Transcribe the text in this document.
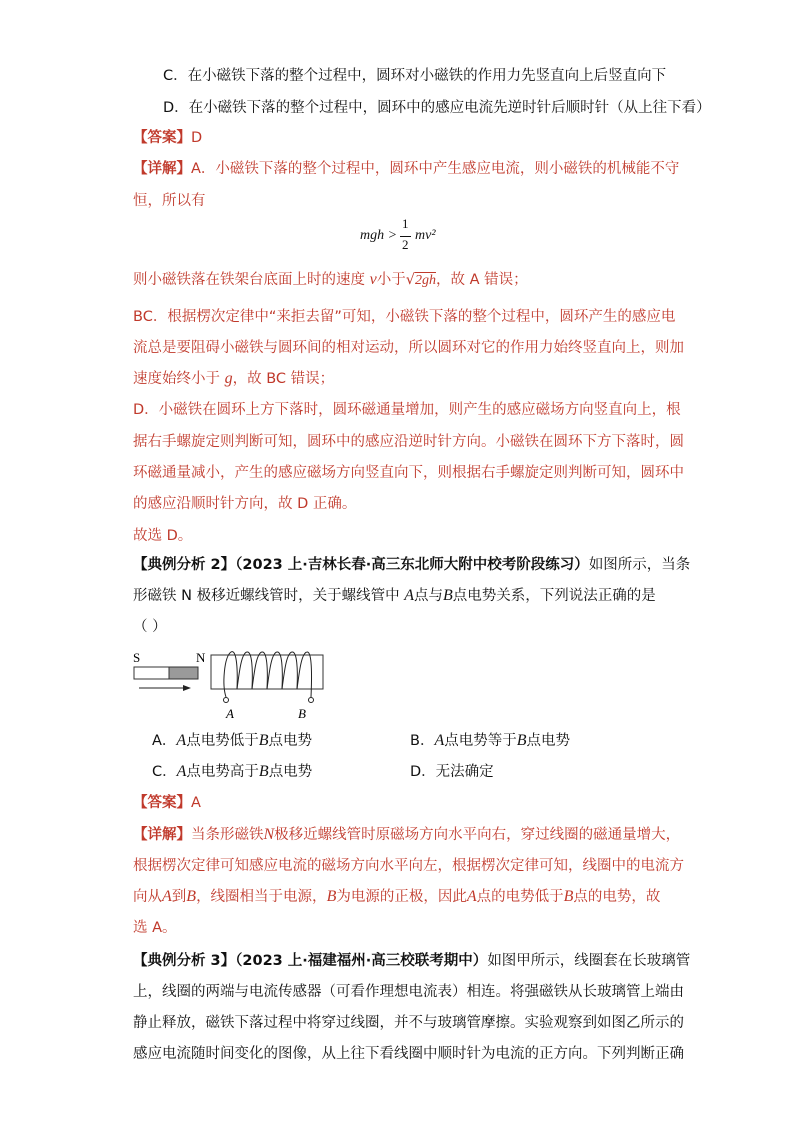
C．在小磁铁下落的整个过程中，圆环对小磁铁的作用力先竖直向上后竖直向下
D．在小磁铁下落的整个过程中，圆环中的感应电流先逆时针后顺时针（从上往下看）
【答案】D
【详解】A．小磁铁下落的整个过程中，圆环中产生感应电流，则小磁铁的机械能不守
恒，所以有
mgh >
1
2
mv²
则小磁铁落在铁架台底面上时的速度 v小于√2gh，故 A 错误；
BC．根据楞次定律中“来拒去留”可知，小磁铁下落的整个过程中，圆环产生的感应电
流总是要阻碍小磁铁与圆环间的相对运动，所以圆环对它的作用力始终竖直向上，则加
速度始终小于 g，故 BC 错误；
D．小磁铁在圆环上方下落时，圆环磁通量增加，则产生的感应磁场方向竖直向上，根
据右手螺旋定则判断可知，圆环中的感应沿逆时针方向。小磁铁在圆环下方下落时，圆
环磁通量减小，产生的感应磁场方向竖直向下，则根据右手螺旋定则判断可知，圆环中
的感应沿顺时针方向，故 D 正确。
故选 D。
【典例分析 2】（2023 上·吉林长春·高三东北师大附中校考阶段练习）如图所示，当条
形磁铁 N 极移近螺线管时，关于螺线管中 A点与B点电势关系，下列说法正确的是
（ ）
S	N
A	B
A．A点电势低于B点电势	B．A点电势等于B点电势
C．A点电势高于B点电势	D．无法确定
【答案】A
【详解】当条形磁铁N极移近螺线管时原磁场方向水平向右，穿过线圈的磁通量增大，
根据楞次定律可知感应电流的磁场方向水平向左，根据楞次定律可知，线圈中的电流方
向从A到B，线圈相当于电源，B为电源的正极，因此A点的电势低于B点的电势，故
选 A。
【典例分析 3】（2023 上·福建福州·高三校联考期中）如图甲所示，线圈套在长玻璃管
上，线圈的两端与电流传感器（可看作理想电流表）相连。将强磁铁从长玻璃管上端由
静止释放，磁铁下落过程中将穿过线圈，并不与玻璃管摩擦。实验观察到如图乙所示的
感应电流随时间变化的图像，从上往下看线圈中顺时针为电流的正方向。下列判断正确
